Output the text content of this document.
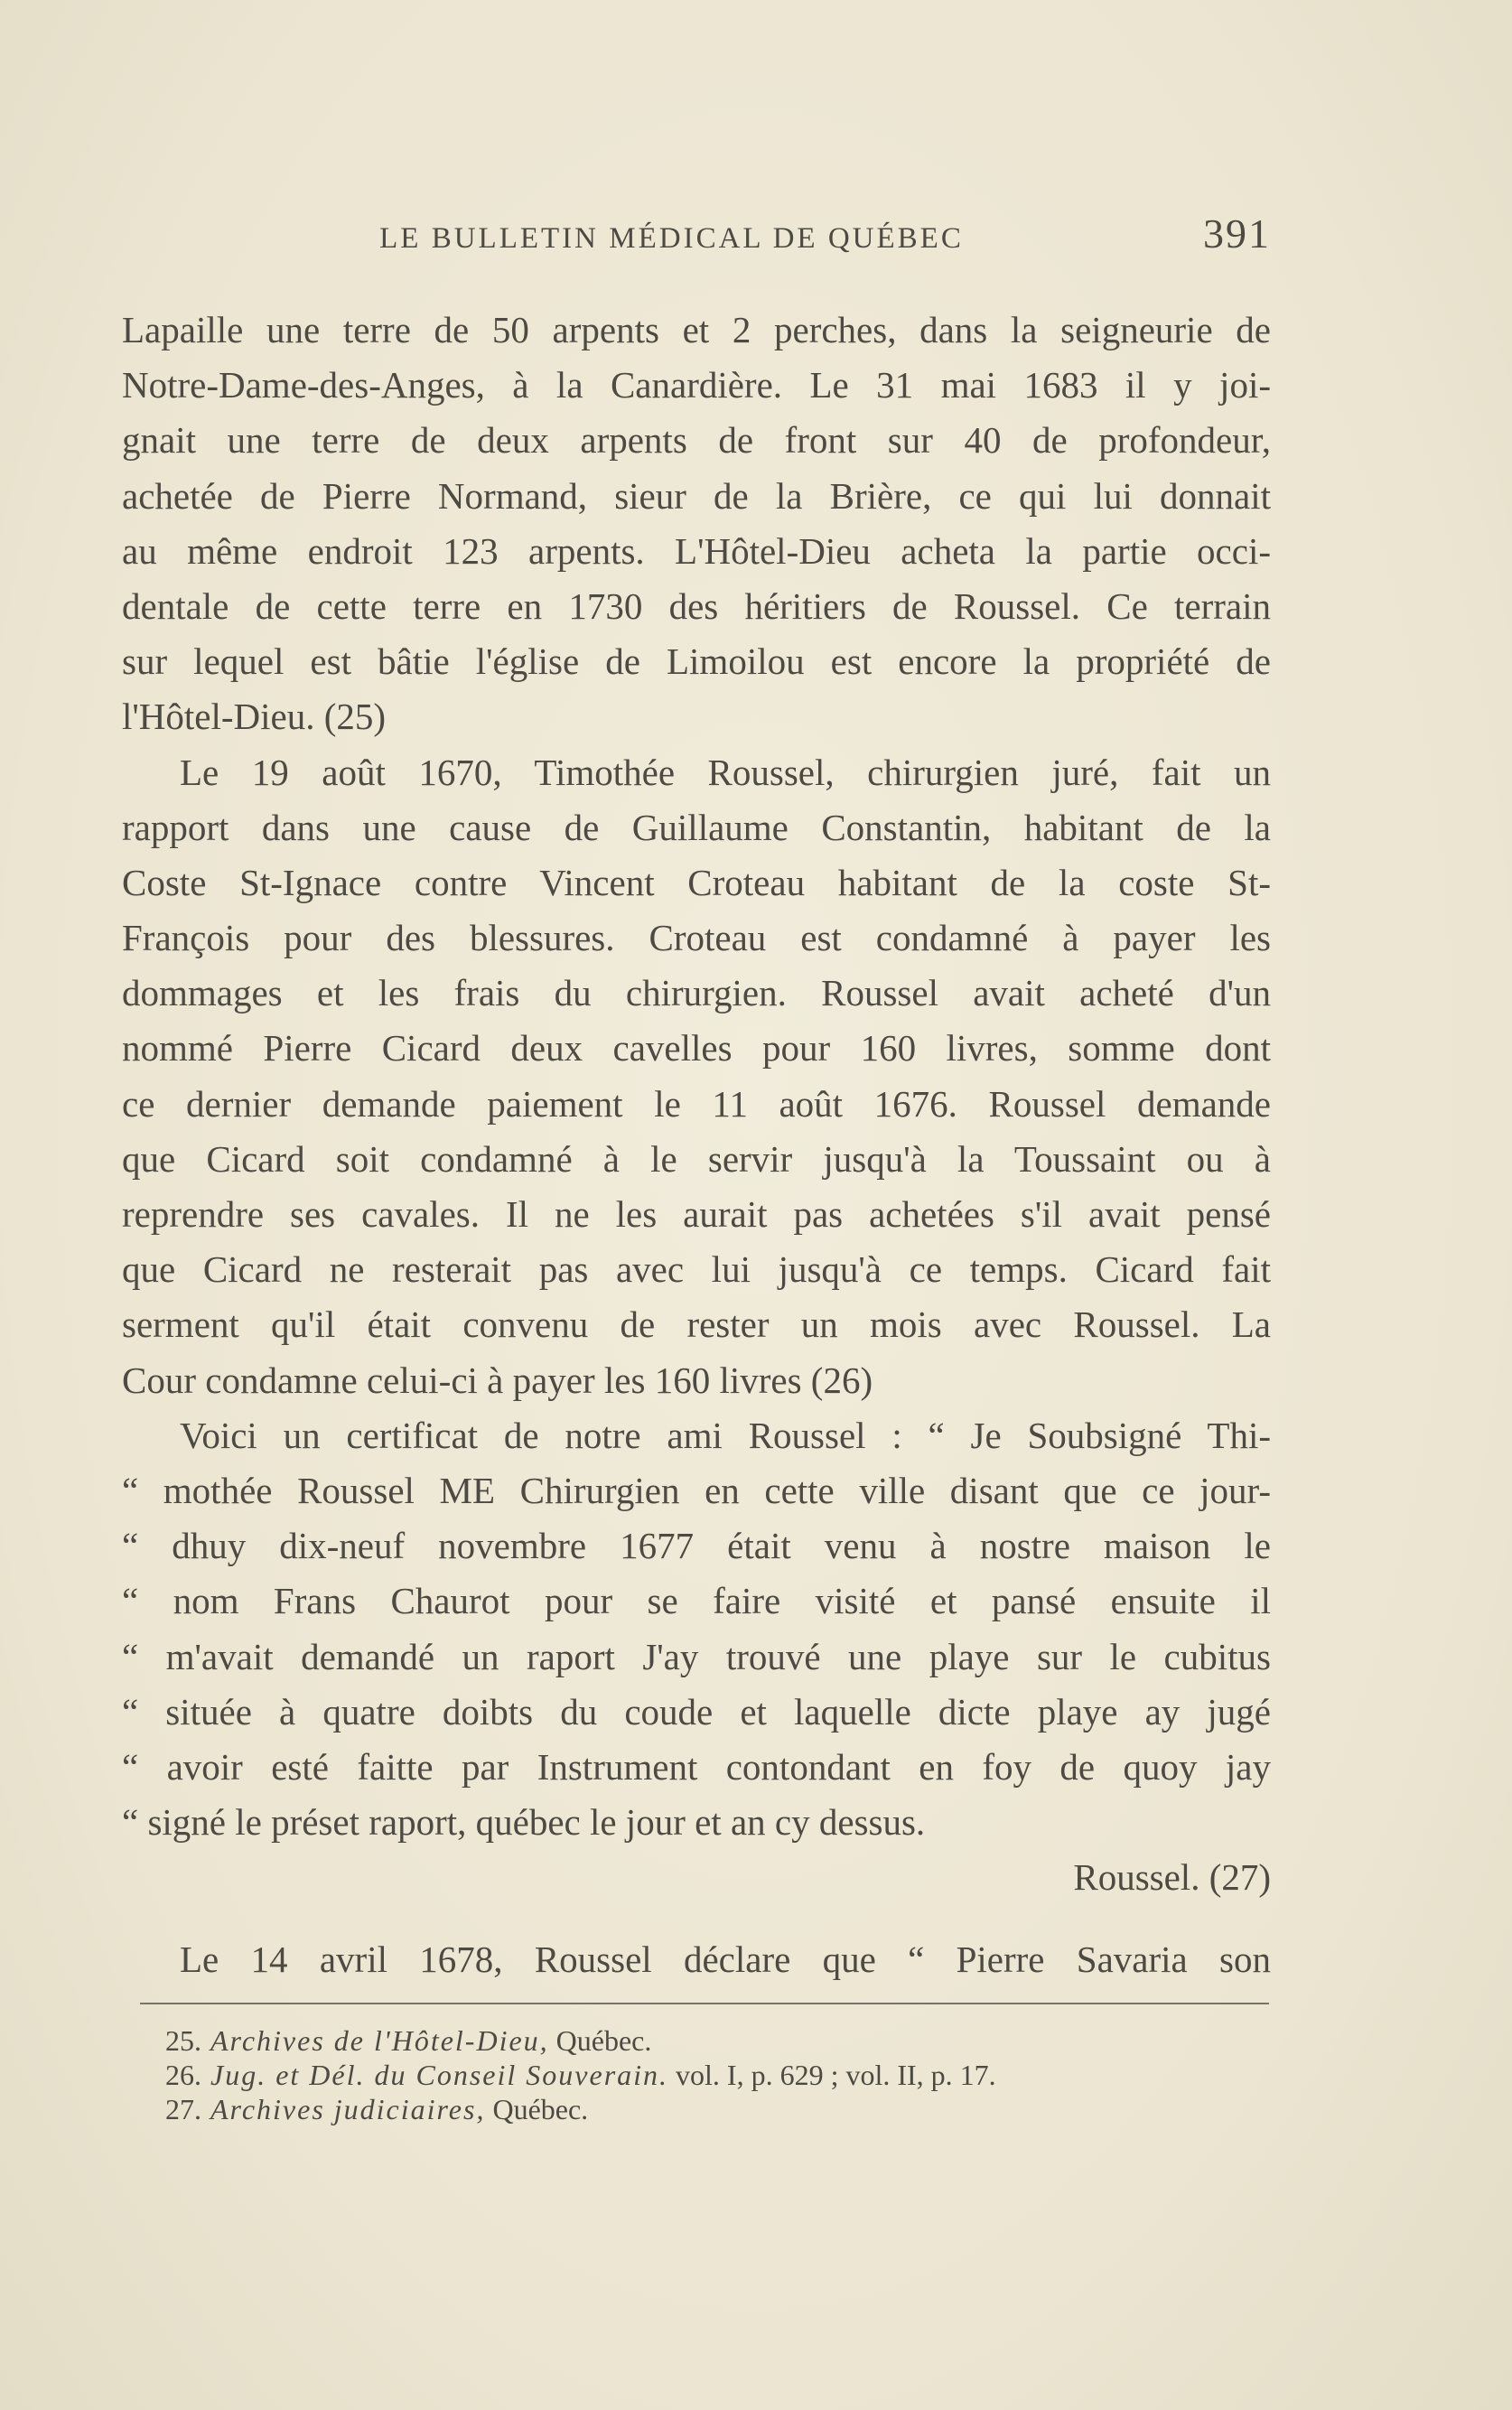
LE BULLETIN MÉDICAL DE QUÉBEC	391
Lapaille une terre de 50 arpents et 2 perches, dans la seigneurie de
Notre-Dame-des-Anges, à la Canardière. Le 31 mai 1683 il y joi-
gnait une terre de deux arpents de front sur 40 de profondeur,
achetée de Pierre Normand, sieur de la Brière, ce qui lui donnait
au même endroit 123 arpents. L'Hôtel-Dieu acheta la partie occi-
dentale de cette terre en 1730 des héritiers de Roussel. Ce terrain
sur lequel est bâtie l'église de Limoilou est encore la propriété de
l'Hôtel-Dieu. (25)
Le 19 août 1670, Timothée Roussel, chirurgien juré, fait un
rapport dans une cause de Guillaume Constantin, habitant de la
Coste St-Ignace contre Vincent Croteau habitant de la coste St-
François pour des blessures. Croteau est condamné à payer les
dommages et les frais du chirurgien. Roussel avait acheté d'un
nommé Pierre Cicard deux cavelles pour 160 livres, somme dont
ce dernier demande paiement le 11 août 1676. Roussel demande
que Cicard soit condamné à le servir jusqu'à la Toussaint ou à
reprendre ses cavales. Il ne les aurait pas achetées s'il avait pensé
que Cicard ne resterait pas avec lui jusqu'à ce temps. Cicard fait
serment qu'il était convenu de rester un mois avec Roussel. La
Cour condamne celui-ci à payer les 160 livres (26)
Voici un certificat de notre ami Roussel : “ Je Soubsigné Thi-
“ mothée Roussel ME Chirurgien en cette ville disant que ce jour-
“ dhuy dix-neuf novembre 1677 était venu à nostre maison le
“ nom Frans Chaurot pour se faire visité et pansé ensuite il
“ m'avait demandé un raport J'ay trouvé une playe sur le cubitus
“ située à quatre doibts du coude et laquelle dicte playe ay jugé
“ avoir esté faitte par Instrument contondant en foy de quoy jay
“ signé le préset raport, québec le jour et an cy dessus.
Roussel. (27)
Le 14 avril 1678, Roussel déclare que “ Pierre Savaria son
25. Archives de l'Hôtel-Dieu, Québec.
26. Jug. et Dél. du Conseil Souverain. vol. I, p. 629 ; vol. II, p. 17.
27. Archives judiciaires, Québec.
